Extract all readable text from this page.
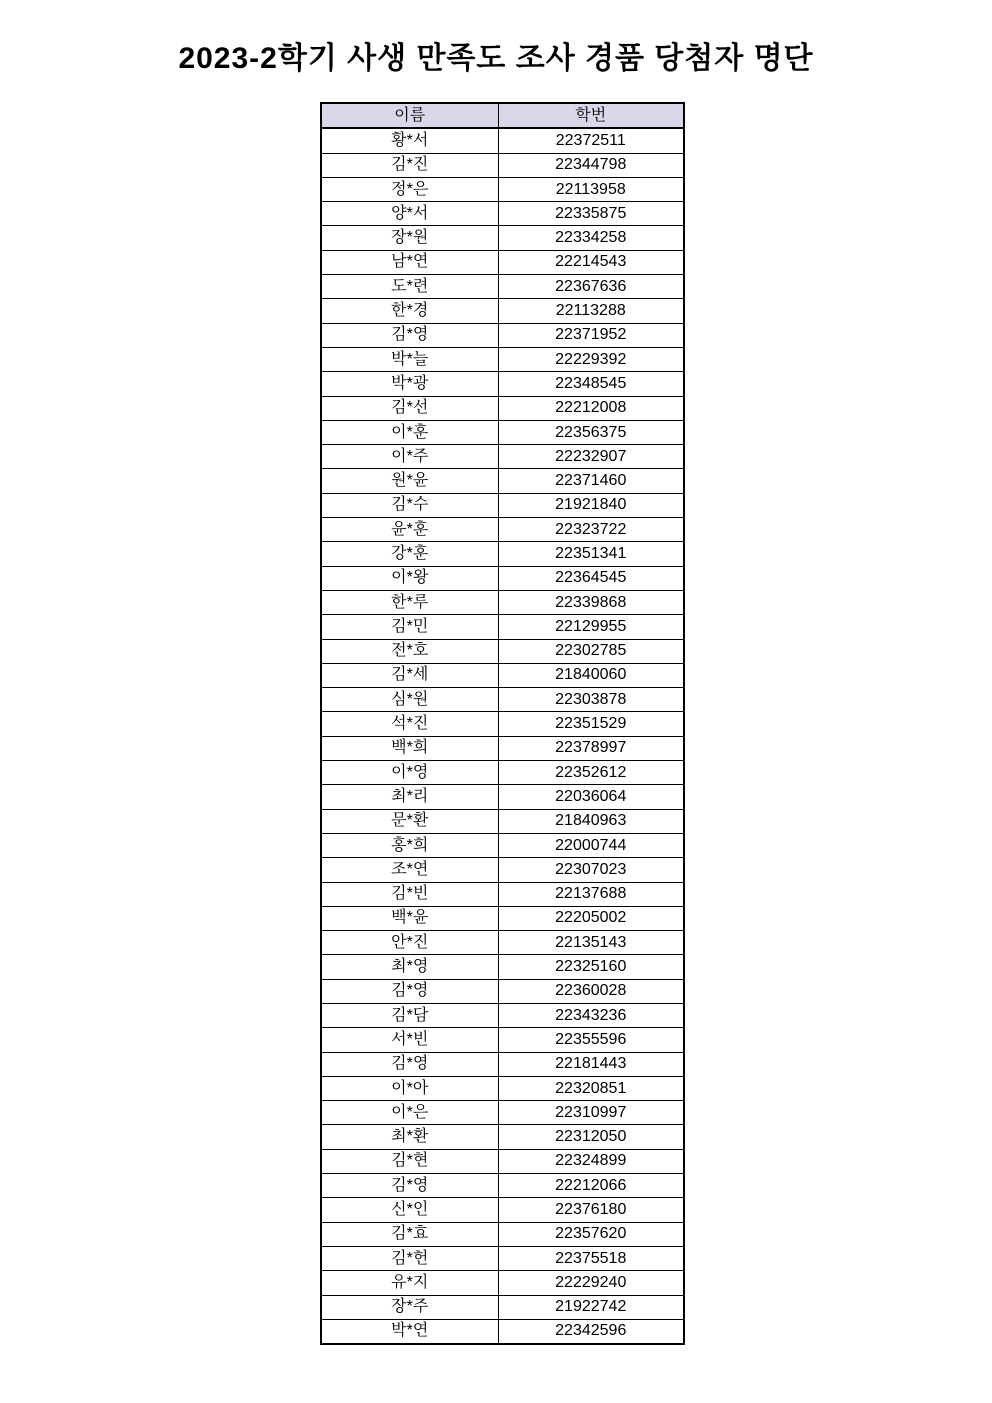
2023-2학기 사생 만족도 조사 경품 당첨자 명단
이름	학번
황*서	22372511
김*진	22344798
정*은	22113958
양*서	22335875
장*원	22334258
남*연	22214543
도*련	22367636
한*경	22113288
김*영	22371952
박*늘	22229392
박*광	22348545
김*선	22212008
이*훈	22356375
이*주	22232907
원*윤	22371460
김*수	21921840
윤*훈	22323722
강*훈	22351341
이*왕	22364545
한*루	22339868
김*민	22129955
전*호	22302785
김*세	21840060
심*원	22303878
석*진	22351529
백*희	22378997
이*영	22352612
최*리	22036064
문*환	21840963
홍*희	22000744
조*연	22307023
김*빈	22137688
백*윤	22205002
안*진	22135143
최*영	22325160
김*영	22360028
김*담	22343236
서*빈	22355596
김*영	22181443
이*아	22320851
이*은	22310997
최*환	22312050
김*현	22324899
김*영	22212066
신*인	22376180
김*효	22357620
김*헌	22375518
유*지	22229240
장*주	21922742
박*연	22342596
